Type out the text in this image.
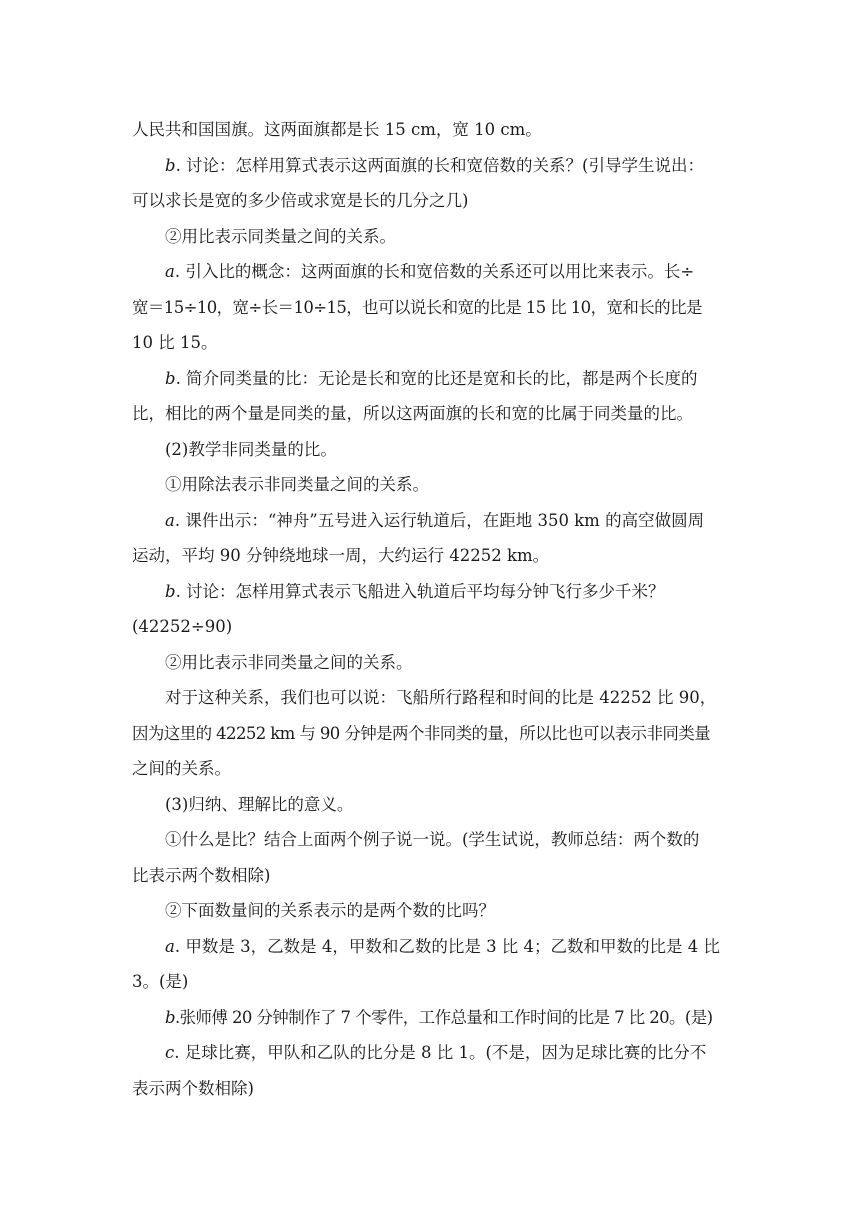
人民共和国国旗。这两面旗都是长 15 cm，宽 10 cm。
b. 讨论：怎样用算式表示这两面旗的长和宽倍数的关系？(引导学生说出：
可以求长是宽的多少倍或求宽是长的几分之几)
②用比表示同类量之间的关系。
a. 引入比的概念：这两面旗的长和宽倍数的关系还可以用比来表示。长÷
宽＝15÷10，宽÷长＝10÷15，也可以说长和宽的比是 15 比 10，宽和长的比是
10 比 15。
b. 简介同类量的比：无论是长和宽的比还是宽和长的比，都是两个长度的
比，相比的两个量是同类的量，所以这两面旗的长和宽的比属于同类量的比。
(2)教学非同类量的比。
①用除法表示非同类量之间的关系。
a. 课件出示：“神舟”五号进入运行轨道后，在距地 350 km 的高空做圆周
运动，平均 90 分钟绕地球一周，大约运行 42252 km。
b. 讨论：怎样用算式表示飞船进入轨道后平均每分钟飞行多少千米？
(42252÷90)
②用比表示非同类量之间的关系。
对于这种关系，我们也可以说：飞船所行路程和时间的比是 42252 比 90，
因为这里的 42252 km 与 90 分钟是两个非同类的量，所以比也可以表示非同类量
之间的关系。
(3)归纳、理解比的意义。
①什么是比？结合上面两个例子说一说。(学生试说，教师总结：两个数的
比表示两个数相除)
②下面数量间的关系表示的是两个数的比吗？
a. 甲数是 3，乙数是 4，甲数和乙数的比是 3 比 4；乙数和甲数的比是 4 比
3。(是)
b.张师傅 20 分钟制作了 7 个零件，工作总量和工作时间的比是 7 比 20。(是)
c. 足球比赛，甲队和乙队的比分是 8 比 1。(不是，因为足球比赛的比分不
表示两个数相除)
